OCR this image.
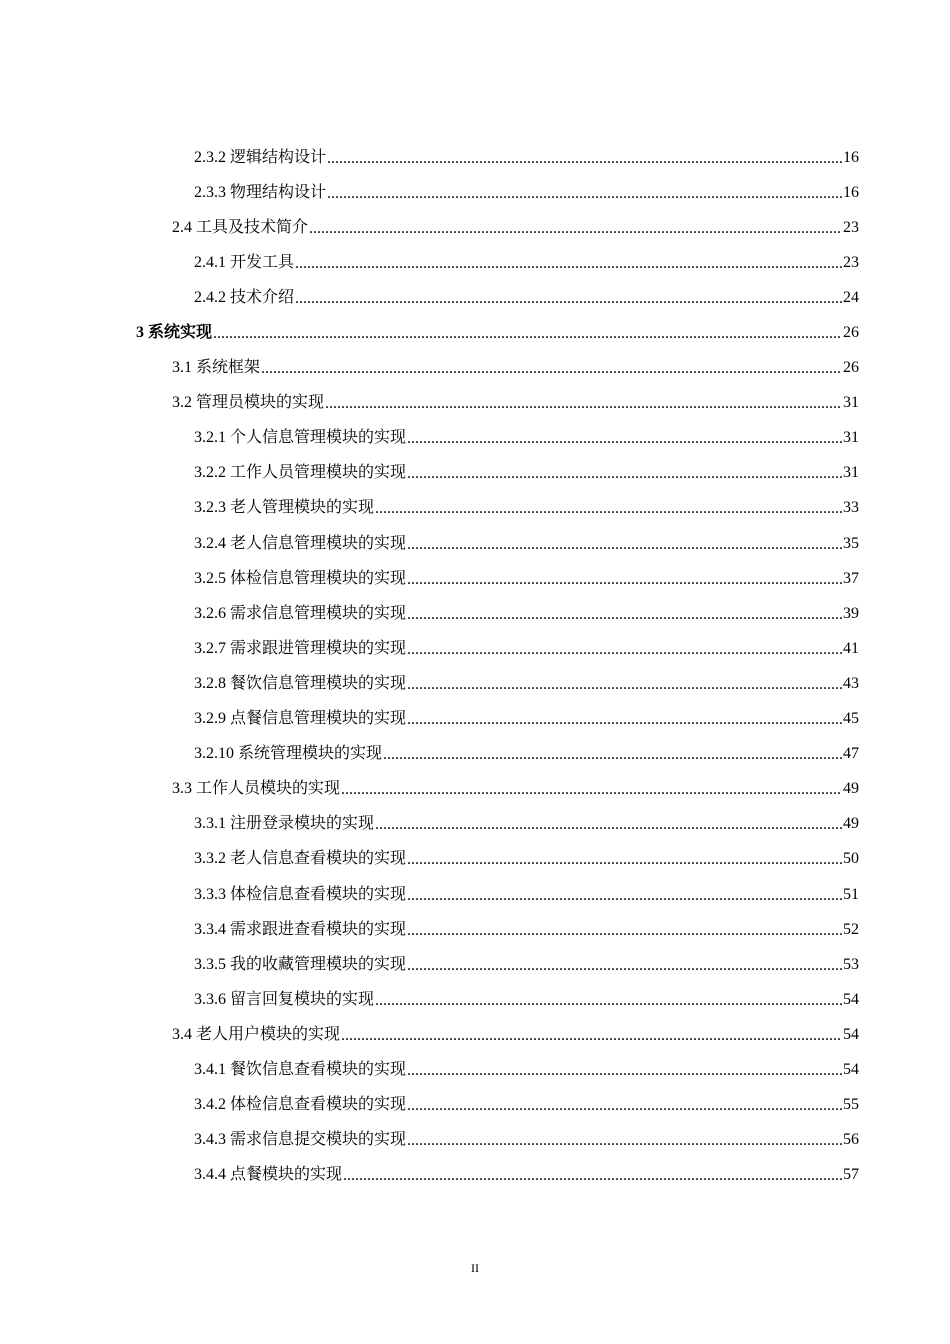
2.3.2 逻辑结构设计 .....	16
2.3.3 物理结构设计 .....	16
2.4 工具及技术简介 .....	23
2.4.1 开发工具 .....	23
2.4.2 技术介绍 .....	24
3 系统实现 .....	26
3.1 系统框架 .....	26
3.2 管理员模块的实现 .....	31
3.2.1 个人信息管理模块的实现 .....	31
3.2.2 工作人员管理模块的实现 .....	31
3.2.3 老人管理模块的实现 .....	33
3.2.4 老人信息管理模块的实现 .....	35
3.2.5 体检信息管理模块的实现 .....	37
3.2.6 需求信息管理模块的实现 .....	39
3.2.7 需求跟进管理模块的实现 .....	41
3.2.8 餐饮信息管理模块的实现 .....	43
3.2.9 点餐信息管理模块的实现 .....	45
3.2.10 系统管理模块的实现 .....	47
3.3 工作人员模块的实现 .....	49
3.3.1 注册登录模块的实现 .....	49
3.3.2 老人信息查看模块的实现 .....	50
3.3.3 体检信息查看模块的实现 .....	51
3.3.4 需求跟进查看模块的实现 .....	52
3.3.5 我的收藏管理模块的实现 .....	53
3.3.6 留言回复模块的实现 .....	54
3.4 老人用户模块的实现 .....	54
3.4.1 餐饮信息查看模块的实现 .....	54
3.4.2 体检信息查看模块的实现 .....	55
3.4.3 需求信息提交模块的实现 .....	56
3.4.4 点餐模块的实现 .....	57
II
